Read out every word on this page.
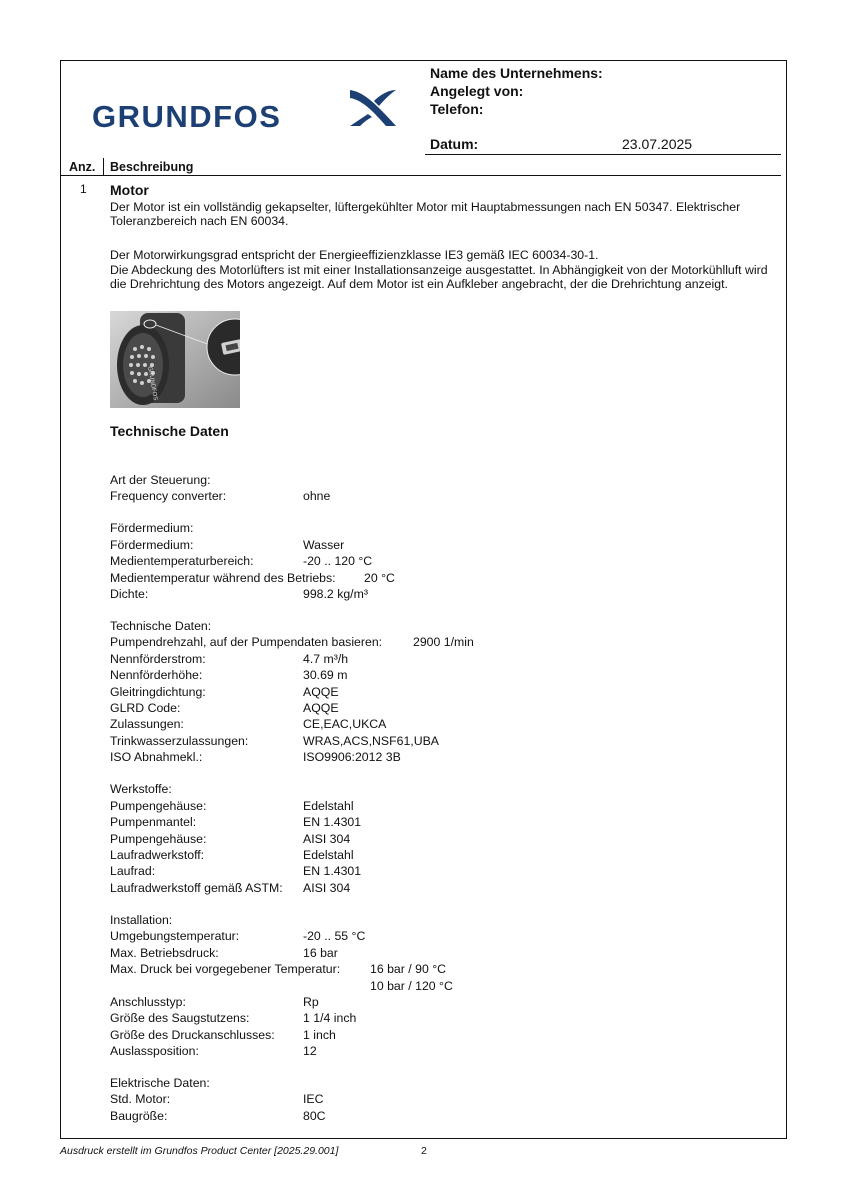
GRUNDFOS
Name des Unternehmens:
Angelegt von:
Telefon:
Datum:	23.07.2025
Anz. Beschreibung
1 Motor
Der Motor ist ein vollständig gekapselter, lüftergekühlter Motor mit Hauptabmessungen nach EN 50347. Elektrischer Toleranzbereich nach EN 60034.
Der Motorwirkungsgrad entspricht der Energieeffizienzklasse IE3 gemäß IEC 60034-30-1.
Die Abdeckung des Motorlüfters ist mit einer Installationsanzeige ausgestattet. In Abhängigkeit von der Motorkühlluft wird die Drehrichtung des Motors angezeigt. Auf dem Motor ist ein Aufkleber angebracht, der die Drehrichtung anzeigt.
GRUNDFOS
Technische Daten
Art der Steuerung:
Frequency converter:	ohne
Fördermedium:
Fördermedium:	Wasser
Medientemperaturbereich:	-20 .. 120 °C
Medientemperatur während des Betriebs: 20 °C
Dichte:	998.2 kg/m³
Technische Daten:
Pumpendrehzahl, auf der Pumpendaten basieren:	2900 1/min
Nennförderstrom:	4.7 m³/h
Nennförderhöhe:	30.69 m
Gleitringdichtung:	AQQE
GLRD Code:	AQQE
Zulassungen:	CE,EAC,UKCA
Trinkwasserzulassungen:	WRAS,ACS,NSF61,UBA
ISO Abnahmekl.:	ISO9906:2012 3B
Werkstoffe:
Pumpengehäuse:	Edelstahl
Pumpenmantel:	EN 1.4301
Pumpengehäuse:	AISI 304
Laufradwerkstoff:	Edelstahl
Laufrad:	EN 1.4301
Laufradwerkstoff gemäß ASTM: AISI 304
Installation:
Umgebungstemperatur:	-20 .. 55 °C
Max. Betriebsdruck:	16 bar
Max. Druck bei vorgegebener Temperatur: 16 bar / 90 °C
10 bar / 120 °C
Anschlusstyp:	Rp
Größe des Saugstutzens:	1 1/4 inch
Größe des Druckanschlusses: 1 inch
Auslassposition:	12
Elektrische Daten:
Std. Motor:	IEC
Baugröße:	80C
Ausdruck erstellt im Grundfos Product Center [2025.29.001]	2
